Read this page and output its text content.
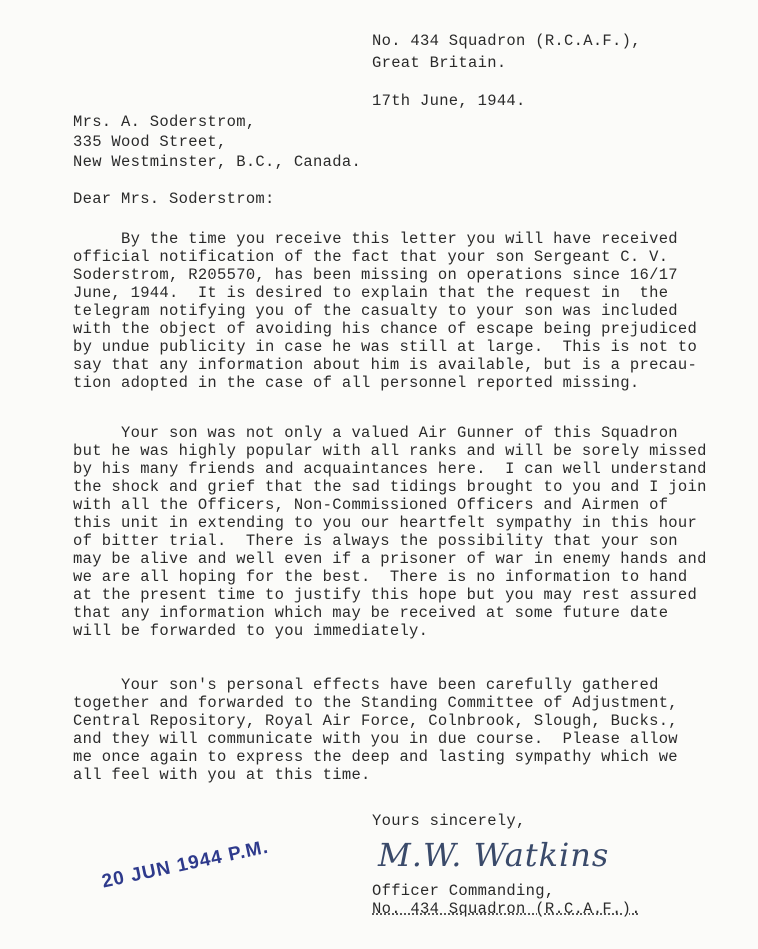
No. 434 Squadron (R.C.A.F.),
Great Britain.
17th June, 1944.
Mrs. A. Soderstrom,
335 Wood Street,
New Westminster, B.C., Canada.
Dear Mrs. Soderstrom:
By the time you receive this letter you will have received
official notification of the fact that your son Sergeant C. V.
Soderstrom, R205570, has been missing on operations since 16/17
June, 1944.  It is desired to explain that the request in  the
telegram notifying you of the casualty to your son was included
with the object of avoiding his chance of escape being prejudiced
by undue publicity in case he was still at large.  This is not to
say that any information about him is available, but is a precau-
tion adopted in the case of all personnel reported missing.
Your son was not only a valued Air Gunner of this Squadron
but he was highly popular with all ranks and will be sorely missed
by his many friends and acquaintances here.  I can well understand
the shock and grief that the sad tidings brought to you and I join
with all the Officers, Non-Commissioned Officers and Airmen of
this unit in extending to you our heartfelt sympathy in this hour
of bitter trial.  There is always the possibility that your son
may be alive and well even if a prisoner of war in enemy hands and
we are all hoping for the best.  There is no information to hand
at the present time to justify this hope but you may rest assured
that any information which may be received at some future date
will be forwarded to you immediately.
Your son's personal effects have been carefully gathered
together and forwarded to the Standing Committee of Adjustment,
Central Repository, Royal Air Force, Colnbrook, Slough, Bucks.,
and they will communicate with you in due course.  Please allow
me once again to express the deep and lasting sympathy which we
all feel with you at this time.
Yours sincerely,
M.W. Watkins
Officer Commanding,
No. 434 Squadron (R.C.A.F.).
20 JUN 1944 P.M.
